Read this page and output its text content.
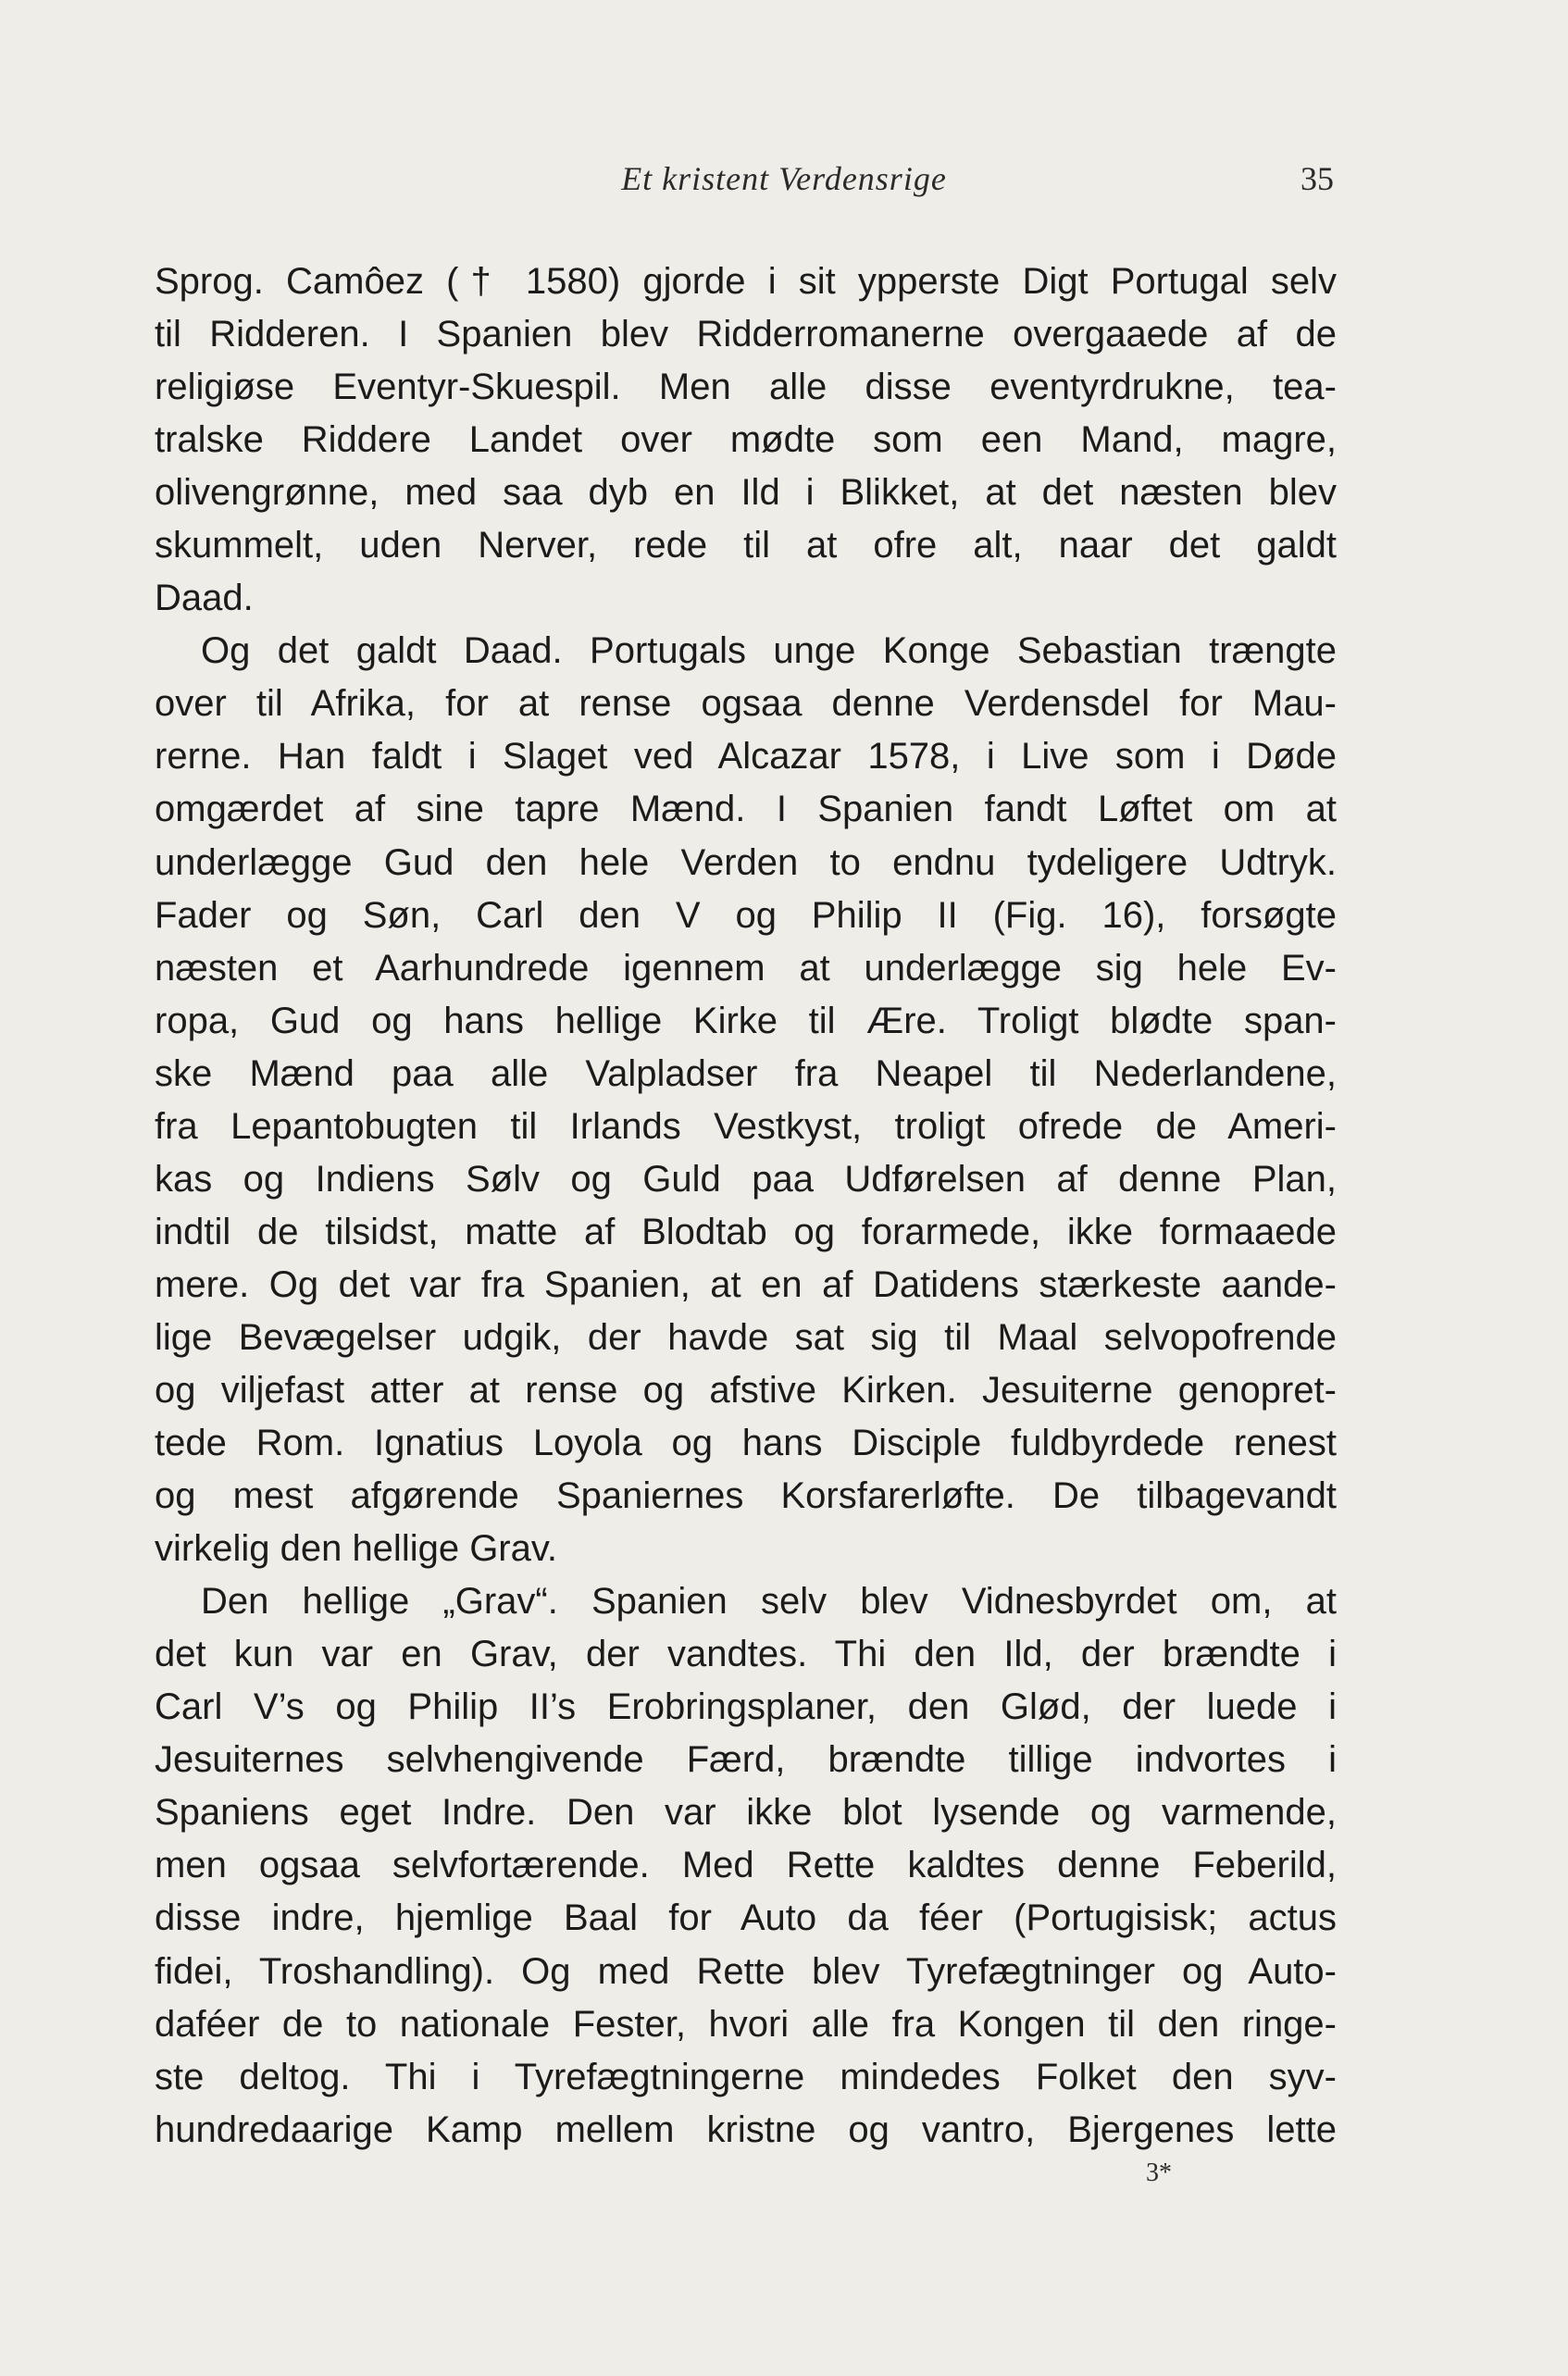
Et kristent Verdensrige	35
Sprog. Camôez († 1580) gjorde i sit ypperste Digt Portugal selv
til Ridderen. I Spanien blev Ridderromanerne overgaaede af de
religiøse Eventyr-Skuespil. Men alle disse eventyrdrukne, tea-
tralske Riddere Landet over mødte som een Mand, magre,
olivengrønne, med saa dyb en Ild i Blikket, at det næsten blev
skummelt, uden Nerver, rede til at ofre alt, naar det galdt
Daad.
Og det galdt Daad. Portugals unge Konge Sebastian trængte
over til Afrika, for at rense ogsaa denne Verdensdel for Mau-
rerne. Han faldt i Slaget ved Alcazar 1578, i Live som i Døde
omgærdet af sine tapre Mænd. I Spanien fandt Løftet om at
underlægge Gud den hele Verden to endnu tydeligere Udtryk.
Fader og Søn, Carl den V og Philip II (Fig. 16), forsøgte
næsten et Aarhundrede igennem at underlægge sig hele Ev-
ropa, Gud og hans hellige Kirke til Ære. Troligt blødte span-
ske Mænd paa alle Valpladser fra Neapel til Nederlandene,
fra Lepantobugten til Irlands Vestkyst, troligt ofrede de Ameri-
kas og Indiens Sølv og Guld paa Udførelsen af denne Plan,
indtil de tilsidst, matte af Blodtab og forarmede, ikke formaaede
mere. Og det var fra Spanien, at en af Datidens stærkeste aande-
lige Bevægelser udgik, der havde sat sig til Maal selvopofrende
og viljefast atter at rense og afstive Kirken. Jesuiterne genopret-
tede Rom. Ignatius Loyola og hans Disciple fuldbyrdede renest
og mest afgørende Spaniernes Korsfarerløfte. De tilbagevandt
virkelig den hellige Grav.
Den hellige „Grav“. Spanien selv blev Vidnesbyrdet om, at
det kun var en Grav, der vandtes. Thi den Ild, der brændte i
Carl V’s og Philip II’s Erobringsplaner, den Glød, der luede i
Jesuiternes selvhengivende Færd, brændte tillige indvortes i
Spaniens eget Indre. Den var ikke blot lysende og varmende,
men ogsaa selvfortærende. Med Rette kaldtes denne Feberild,
disse indre, hjemlige Baal for Auto da féer (Portugisisk; actus
fidei, Troshandling). Og med Rette blev Tyrefægtninger og Auto-
daféer de to nationale Fester, hvori alle fra Kongen til den ringe-
ste deltog. Thi i Tyrefægtningerne mindedes Folket den syv-
hundredaarige Kamp mellem kristne og vantro, Bjergenes lette
3*
